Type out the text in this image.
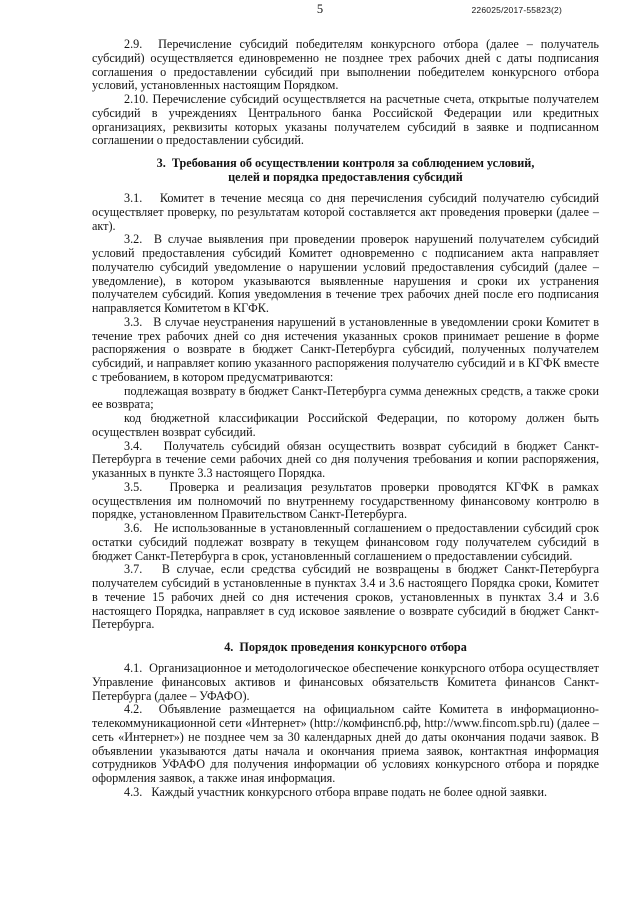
5	226025/2017-55823(2)

2.9.  Перечисление субсидий победителям конкурсного отбора (далее – получатель субсидий) осуществляется единовременно не позднее трех рабочих дней с даты подписания соглашения о предоставлении субсидий при выполнении победителем конкурсного отбора условий, установленных настоящим Порядком.

2.10. Перечисление субсидий осуществляется на расчетные счета, открытые получателем субсидий в учреждениях Центрального банка Российской Федерации или кредитных организациях, реквизиты которых указаны получателем субсидий в заявке и подписанном соглашении о предоставлении субсидий.

3.  Требования об осуществлении контроля за соблюдением условий,
целей и порядка предоставления субсидий

3.1.   Комитет в течение месяца со дня перечисления субсидий получателю субсидий осуществляет проверку, по результатам которой составляется акт проведения проверки (далее – акт).

3.2.  В случае выявления при проведении проверок нарушений получателем субсидий условий предоставления субсидий Комитет одновременно с подписанием акта направляет получателю субсидий уведомление о нарушении условий предоставления субсидий (далее – уведомление), в котором указываются выявленные нарушения и сроки их устранения получателем субсидий. Копия уведомления в течение трех рабочих дней после его подписания направляется Комитетом в КГФК.

3.3.   В случае неустранения нарушений в установленные в уведомлении сроки Комитет в течение трех рабочих дней со дня истечения указанных сроков принимает решение в форме распоряжения о возврате в бюджет Санкт-Петербурга субсидий, полученных получателем субсидий, и направляет копию указанного распоряжения получателю субсидий и в КГФК вместе с требованием, в котором предусматриваются:

подлежащая возврату в бюджет Санкт-Петербурга сумма денежных средств, а также сроки ее возврата;

код бюджетной классификации Российской Федерации, по которому должен быть осуществлен возврат субсидий.

3.4.   Получатель субсидий обязан осуществить возврат субсидий в бюджет Санкт-Петербурга в течение семи рабочих дней со дня получения требования и копии распоряжения, указанных в пункте 3.3 настоящего Порядка.

3.5.   Проверка и реализация результатов проверки проводятся КГФК в рамках осуществления им полномочий по внутреннему государственному финансовому контролю в порядке, установленном Правительством Санкт-Петербурга.

3.6.   Не использованные в установленный соглашением о предоставлении субсидий срок остатки субсидий подлежат возврату в текущем финансовом году получателем субсидий в бюджет Санкт-Петербурга в срок, установленный соглашением о предоставлении субсидий.

3.7.   В случае, если средства субсидий не возвращены в бюджет Санкт-Петербурга получателем субсидий в установленные в пунктах 3.4 и 3.6 настоящего Порядка сроки, Комитет в течение 15 рабочих дней со дня истечения сроков, установленных в пунктах 3.4 и 3.6 настоящего Порядка, направляет в суд исковое заявление о возврате субсидий в бюджет Санкт-Петербурга.

4.  Порядок проведения конкурсного отбора

4.1.  Организационное и методологическое обеспечение конкурсного отбора осуществляет Управление финансовых активов и финансовых обязательств Комитета финансов Санкт-Петербурга (далее – УФАФО).

4.2.  Объявление размещается на официальном сайте Комитета в информационно-телекоммуникационной сети «Интернет» (http://комфинспб.рф, http://www.fincom.spb.ru) (далее – сеть «Интернет») не позднее чем за 30 календарных дней до даты окончания подачи заявок. В объявлении указываются даты начала и окончания приема заявок, контактная информация сотрудников УФАФО для получения информации об условиях конкурсного отбора и порядке оформления заявок, а также иная информация.

4.3.   Каждый участник конкурсного отбора вправе подать не более одной заявки.
